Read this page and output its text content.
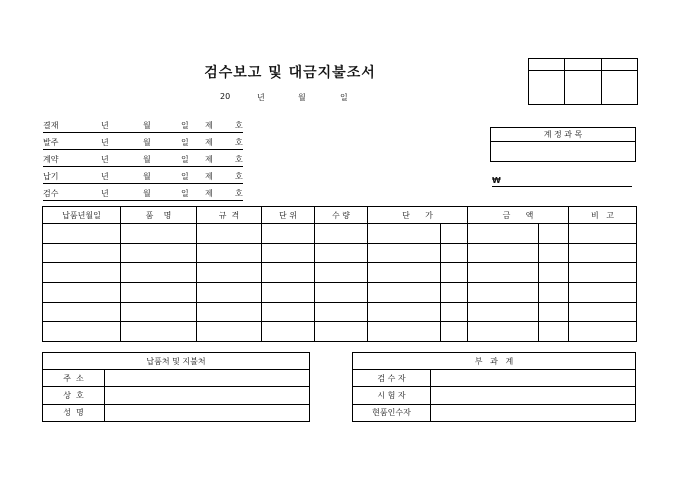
검수보고 및 대금지불조서
20	년	월	일
결재	년	월	일 제	호
발주	년	월	일 제	호
계약	년	월	일 제	호
납기	년	월	일 제	호
검수	년	월	일 제	호
계 정 과 목

₩
납품년월일	품    명	규  격	단 위	수 량	단      가		금      액		비   고

납품처 및 지불처	
주  소	
상  호	
성  명	
부   과   계	
검 수 자	
시 험 자	
현품인수자	
